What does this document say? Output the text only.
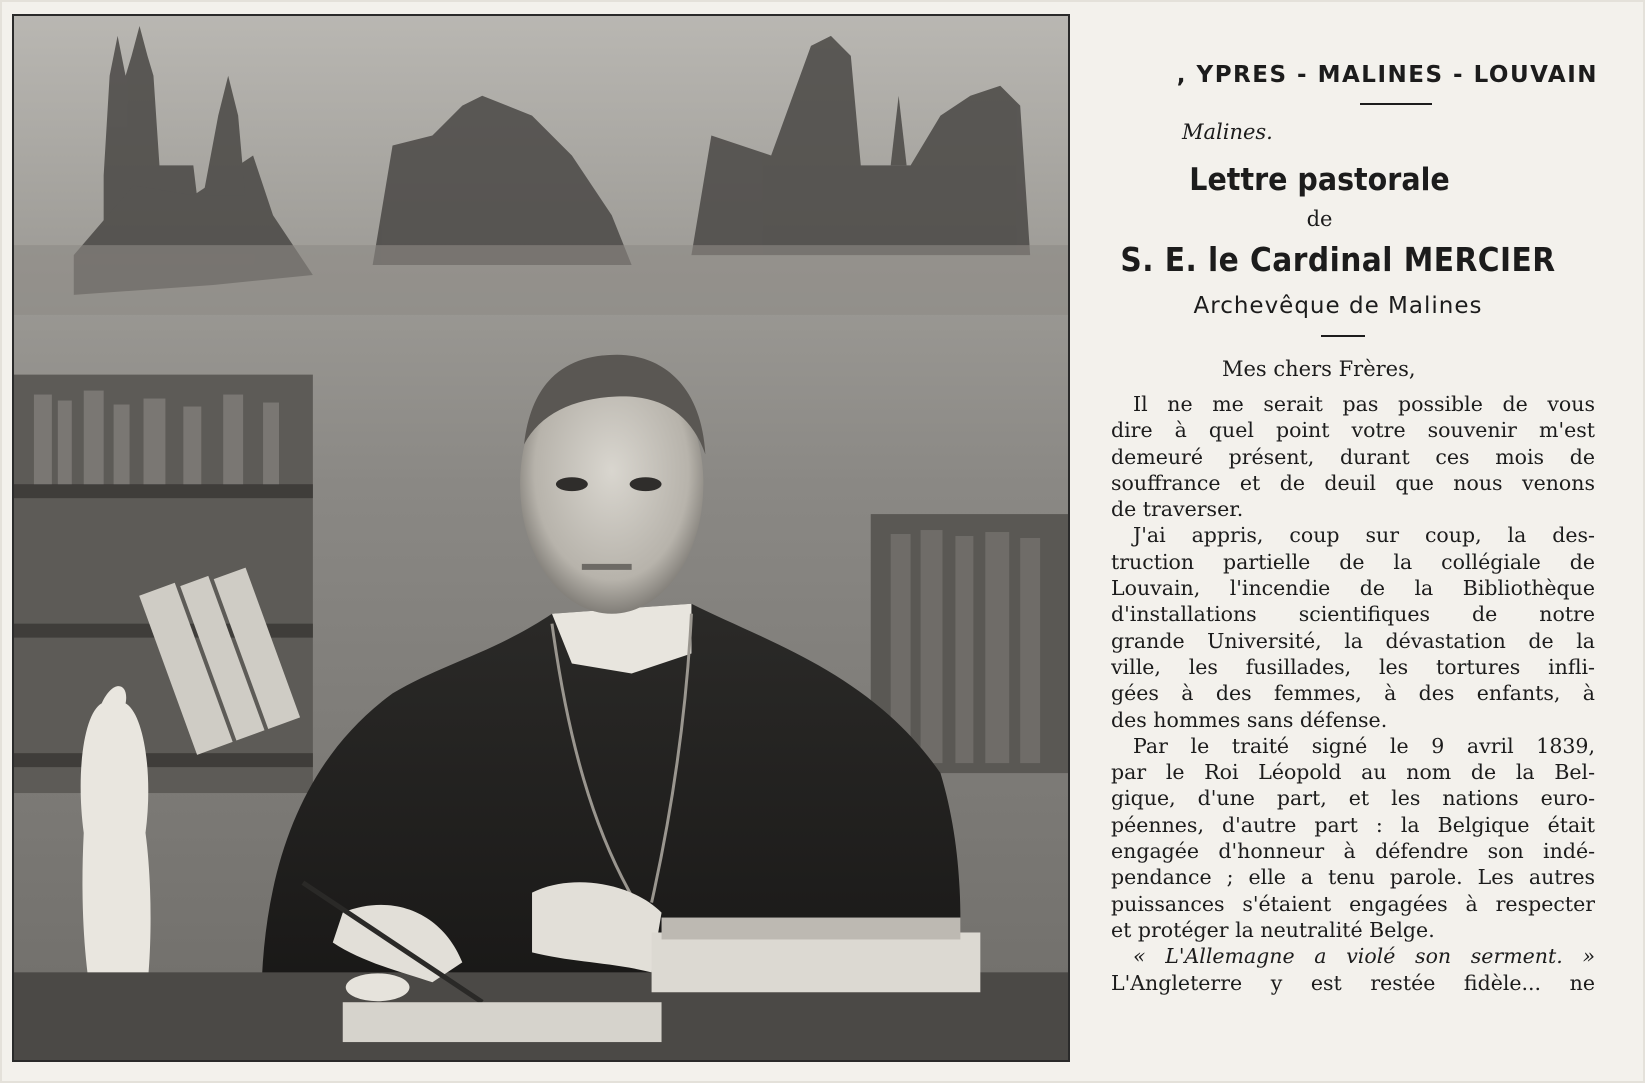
, YPRES - MALINES - LOUVAIN
Malines.
Lettre pastorale
de
S. E. le Cardinal MERCIER
Archevêque de Malines
Mes chers Frères,
Il ne me serait pas possible de vous
dire à quel point votre souvenir m'est
demeuré présent, durant ces mois de
souffrance et de deuil que nous venons
de traverser.
J'ai appris, coup sur coup, la des-
truction partielle de la collégiale de
Louvain, l'incendie de la Bibliothèque
d'installations scientifiques de notre
grande Université, la dévastation de la
ville, les fusillades, les tortures infli-
gées à des femmes, à des enfants, à
des hommes sans défense.
Par le traité signé le 9 avril 1839,
par le Roi Léopold au nom de la Bel-
gique, d'une part, et les nations euro-
péennes, d'autre part : la Belgique était
engagée d'honneur à défendre son indé-
pendance ; elle a tenu parole. Les autres
puissances s'étaient engagées à respecter
et protéger la neutralité Belge.
« L'Allemagne a violé son serment. »
L'Angleterre y est restée fidèle... ne
